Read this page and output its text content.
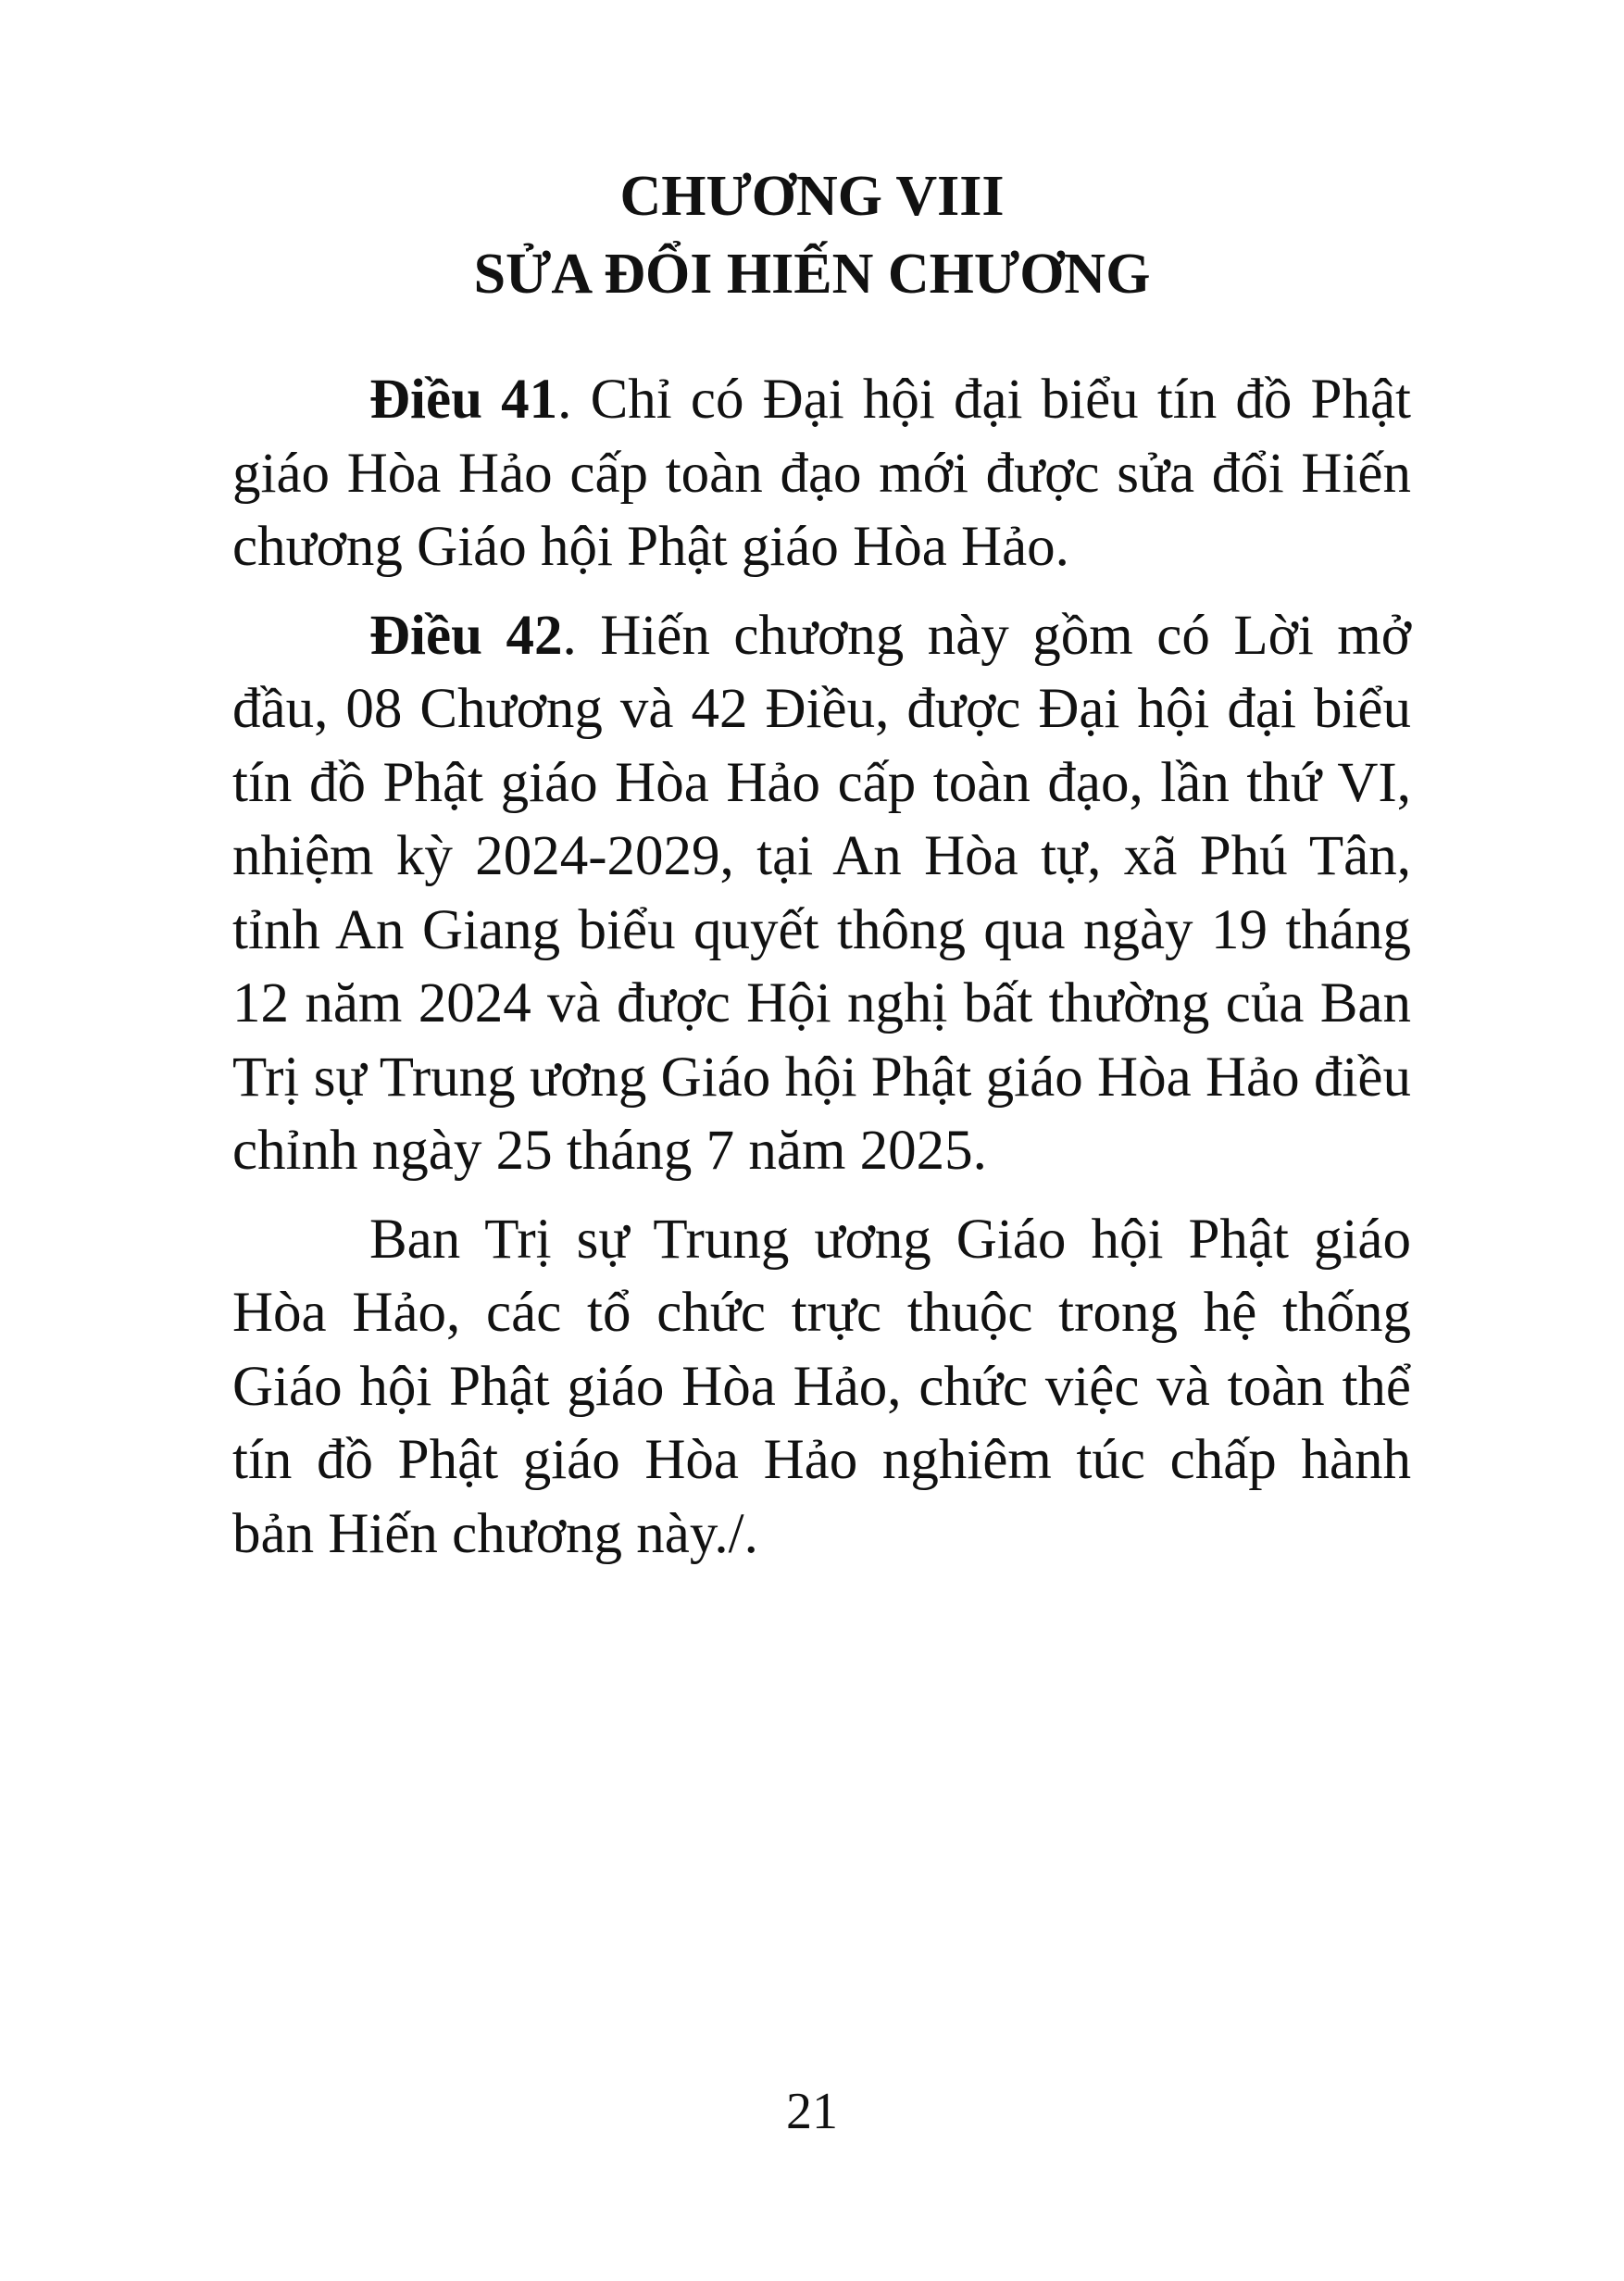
CHƯƠNG VIII
SỬA ĐỔI HIẾN CHƯƠNG

Điều 41. Chỉ có Đại hội đại biểu tín đồ Phật giáo Hòa Hảo cấp toàn đạo mới được sửa đổi Hiến chương Giáo hội Phật giáo Hòa Hảo.

Điều 42. Hiến chương này gồm có Lời mở đầu, 08 Chương và 42 Điều, được Đại hội đại biểu tín đồ Phật giáo Hòa Hảo cấp toàn đạo, lần thứ VI, nhiệm kỳ 2024-2029, tại An Hòa tự, xã Phú Tân, tỉnh An Giang biểu quyết thông qua ngày 19 tháng 12 năm 2024 và được Hội nghị bất thường của Ban Trị sự Trung ương Giáo hội Phật giáo Hòa Hảo điều chỉnh ngày 25 tháng 7 năm 2025.

Ban Trị sự Trung ương Giáo hội Phật giáo Hòa Hảo, các tổ chức trực thuộc trong hệ thống Giáo hội Phật giáo Hòa Hảo, chức việc và toàn thể tín đồ Phật giáo Hòa Hảo nghiêm túc chấp hành bản Hiến chương này./.

21
